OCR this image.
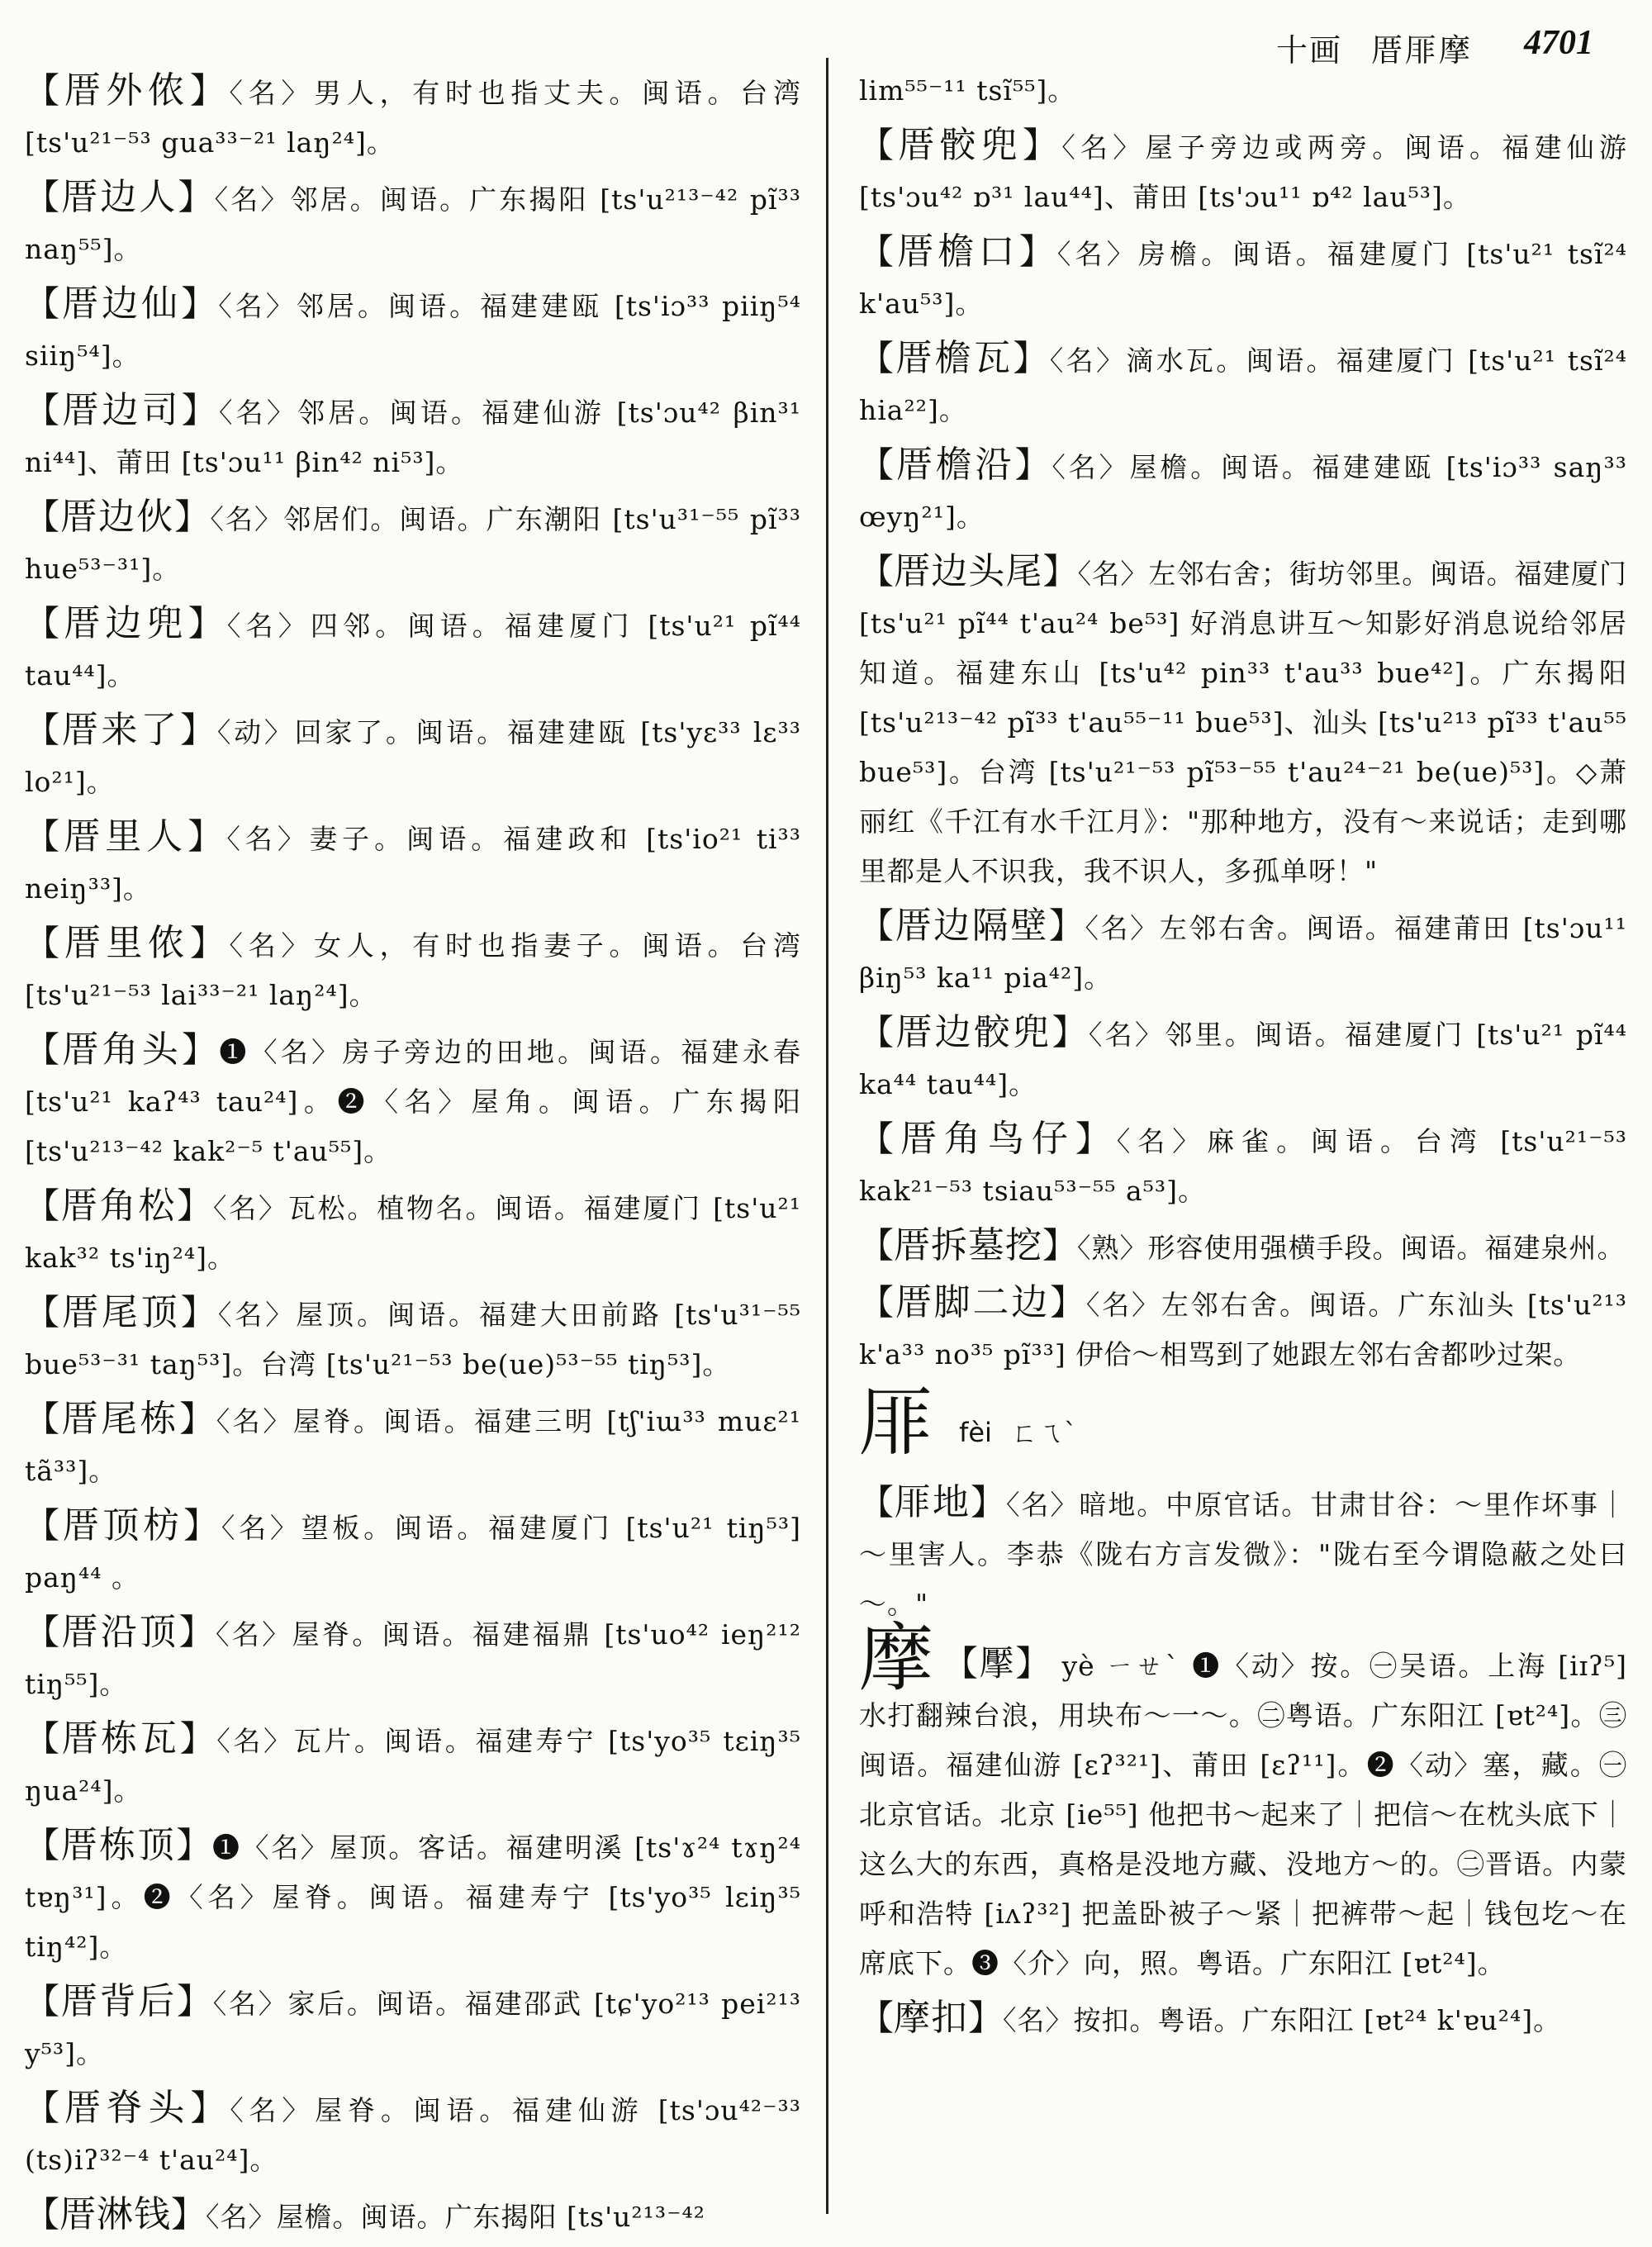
十画 厝厞摩 4701
【厝外侬】〈名〉男人，有时也指丈夫。闽语。台湾 [ts'u²¹⁻⁵³ gua³³⁻²¹ laŋ²⁴]。
【厝边人】〈名〉邻居。闽语。广东揭阳 [ts'u²¹³⁻⁴² pĩ³³ naŋ⁵⁵]。
【厝边仙】〈名〉邻居。闽语。福建建瓯 [ts'iɔ³³ piiŋ⁵⁴ siiŋ⁵⁴]。
【厝边司】〈名〉邻居。闽语。福建仙游 [ts'ɔu⁴² βin³¹ ni⁴⁴]、莆田 [ts'ɔu¹¹ βin⁴² ni⁵³]。
【厝边伙】〈名〉邻居们。闽语。广东潮阳 [ts'u³¹⁻⁵⁵ pĩ³³ hue⁵³⁻³¹]。
【厝边兜】〈名〉四邻。闽语。福建厦门 [ts'u²¹ pĩ⁴⁴ tau⁴⁴]。
【厝来了】〈动〉回家了。闽语。福建建瓯 [ts'yɛ³³ lɛ³³ lo²¹]。
【厝里人】〈名〉妻子。闽语。福建政和 [ts'io²¹ ti³³ neiŋ³³]。
【厝里侬】〈名〉女人，有时也指妻子。闽语。台湾 [ts'u²¹⁻⁵³ lai³³⁻²¹ laŋ²⁴]。
【厝角头】❶〈名〉房子旁边的田地。闽语。福建永春 [ts'u²¹ kaʔ⁴³ tau²⁴]。❷〈名〉屋角。闽语。广东揭阳 [ts'u²¹³⁻⁴² kak²⁻⁵ t'au⁵⁵]。
【厝角松】〈名〉瓦松。植物名。闽语。福建厦门 [ts'u²¹ kak³² ts'iŋ²⁴]。
【厝尾顶】〈名〉屋顶。闽语。福建大田前路 [ts'u³¹⁻⁵⁵ bue⁵³⁻³¹ taŋ⁵³]。台湾 [ts'u²¹⁻⁵³ be(ue)⁵³⁻⁵⁵ tiŋ⁵³]。
【厝尾栋】〈名〉屋脊。闽语。福建三明 [tʃ'iɯ³³ muɛ²¹ tã³³]。
【厝顶枋】〈名〉望板。闽语。福建厦门 [ts'u²¹ tiŋ⁵³] paŋ⁴⁴ 。
【厝沿顶】〈名〉屋脊。闽语。福建福鼎 [ts'uo⁴² ieŋ²¹² tiŋ⁵⁵]。
【厝栋瓦】〈名〉瓦片。闽语。福建寿宁 [ts'yo³⁵ tɛiŋ³⁵ ŋua²⁴]。
【厝栋顶】❶〈名〉屋顶。客话。福建明溪 [ts'ɤ²⁴ tɤŋ²⁴ tɐŋ³¹]。❷〈名〉屋脊。闽语。福建寿宁 [ts'yo³⁵ lɛiŋ³⁵ tiŋ⁴²]。
【厝背后】〈名〉家后。闽语。福建邵武 [tɕ'yo²¹³ pei²¹³ y⁵³]。
【厝脊头】〈名〉屋脊。闽语。福建仙游 [ts'ɔu⁴²⁻³³ (ts)iʔ³²⁻⁴ t'au²⁴]。
【厝淋钱】〈名〉屋檐。闽语。广东揭阳 [ts'u²¹³⁻⁴²
lim⁵⁵⁻¹¹ tsĩ⁵⁵]。
【厝骹兜】〈名〉屋子旁边或两旁。闽语。福建仙游 [ts'ɔu⁴² ɒ³¹ lau⁴⁴]、莆田 [ts'ɔu¹¹ ɒ⁴² lau⁵³]。
【厝檐口】〈名〉房檐。闽语。福建厦门 [ts'u²¹ tsĩ²⁴ k'au⁵³]。
【厝檐瓦】〈名〉滴水瓦。闽语。福建厦门 [ts'u²¹ tsĩ²⁴ hia²²]。
【厝檐沿】〈名〉屋檐。闽语。福建建瓯 [ts'iɔ³³ saŋ³³ œyŋ²¹]。
【厝边头尾】〈名〉左邻右舍；街坊邻里。闽语。福建厦门 [ts'u²¹ pĩ⁴⁴ t'au²⁴ be⁵³] 好消息讲互～知影好消息说给邻居知道。福建东山 [ts'u⁴² pin³³ t'au³³ bue⁴²]。广东揭阳 [ts'u²¹³⁻⁴² pĩ³³ t'au⁵⁵⁻¹¹ bue⁵³]、汕头 [ts'u²¹³ pĩ³³ t'au⁵⁵ bue⁵³]。台湾 [ts'u²¹⁻⁵³ pĩ⁵³⁻⁵⁵ t'au²⁴⁻²¹ be(ue)⁵³]。◇萧丽红《千江有水千江月》："那种地方，没有～来说话；走到哪里都是人不识我，我不识人，多孤单呀！"
【厝边隔壁】〈名〉左邻右舍。闽语。福建莆田 [ts'ɔu¹¹ βiŋ⁵³ ka¹¹ pia⁴²]。
【厝边骹兜】〈名〉邻里。闽语。福建厦门 [ts'u²¹ pĩ⁴⁴ ka⁴⁴ tau⁴⁴]。
【厝角鸟仔】〈名〉麻雀。闽语。台湾 [ts'u²¹⁻⁵³ kak²¹⁻⁵³ tsiau⁵³⁻⁵⁵ a⁵³]。
【厝拆墓挖】〈熟〉形容使用强横手段。闽语。福建泉州。
【厝脚二边】〈名〉左邻右舍。闽语。广东汕头 [ts'u²¹³ k'a³³ no³⁵ pĩ³³] 伊佮～相骂到了她跟左邻右舍都吵过架。
厞 fèi ㄈㄟˋ
【厞地】〈名〉暗地。中原官话。甘肃甘谷：～里作坏事｜～里害人。李恭《陇右方言发微》："陇右至今谓隐蔽之处曰～。"
摩 【擪】 yè ㄧㄝˋ ❶〈动〉按。㊀吴语。上海 [iɪʔ⁵] 水打翻辣台浪，用块布～一～。㊁粤语。广东阳江 [ɐt²⁴]。㊂闽语。福建仙游 [ɛʔ³²¹]、莆田 [ɛʔ¹¹]。❷〈动〉塞，藏。㊀北京官话。北京 [ie⁵⁵] 他把书～起来了｜把信～在枕头底下｜这么大的东西，真格是没地方藏、没地方～的。㊁晋语。内蒙呼和浩特 [iʌʔ³²] 把盖卧被子～紧｜把裤带～起｜钱包圪～在席底下。❸〈介〉向，照。粤语。广东阳江 [ɐt²⁴]。
【摩扣】〈名〉按扣。粤语。广东阳江 [ɐt²⁴ k'ɐu²⁴]。
